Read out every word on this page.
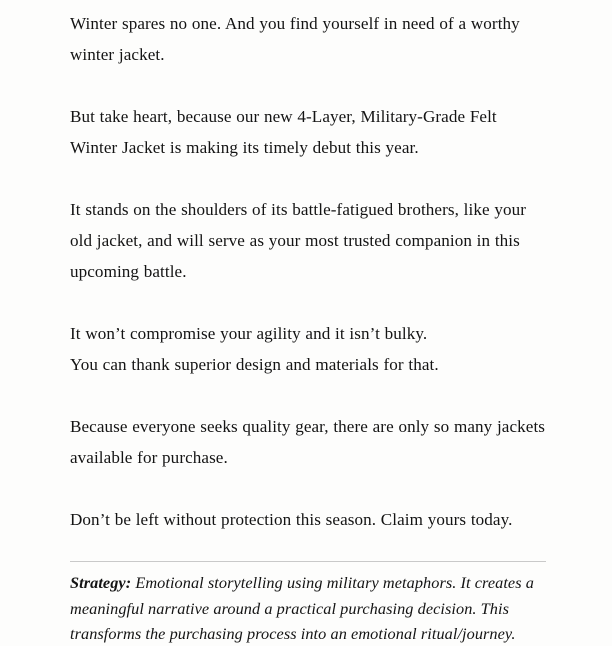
Winter spares no one. And you find yourself in need of a worthy winter jacket.

But take heart, because our new 4-Layer, Military-Grade Felt Winter Jacket is making its timely debut this year.

It stands on the shoulders of its battle-fatigued brothers, like your old jacket, and will serve as your most trusted companion in this upcoming battle.

It won’t compromise your agility and it isn’t bulky.
You can thank superior design and materials for that.

Because everyone seeks quality gear, there are only so many jackets available for purchase.

Don’t be left without protection this season. Claim yours today.

Strategy: Emotional storytelling using military metaphors. It creates a meaningful narrative around a practical purchasing decision. This transforms the purchasing process into an emotional ritual/journey.
